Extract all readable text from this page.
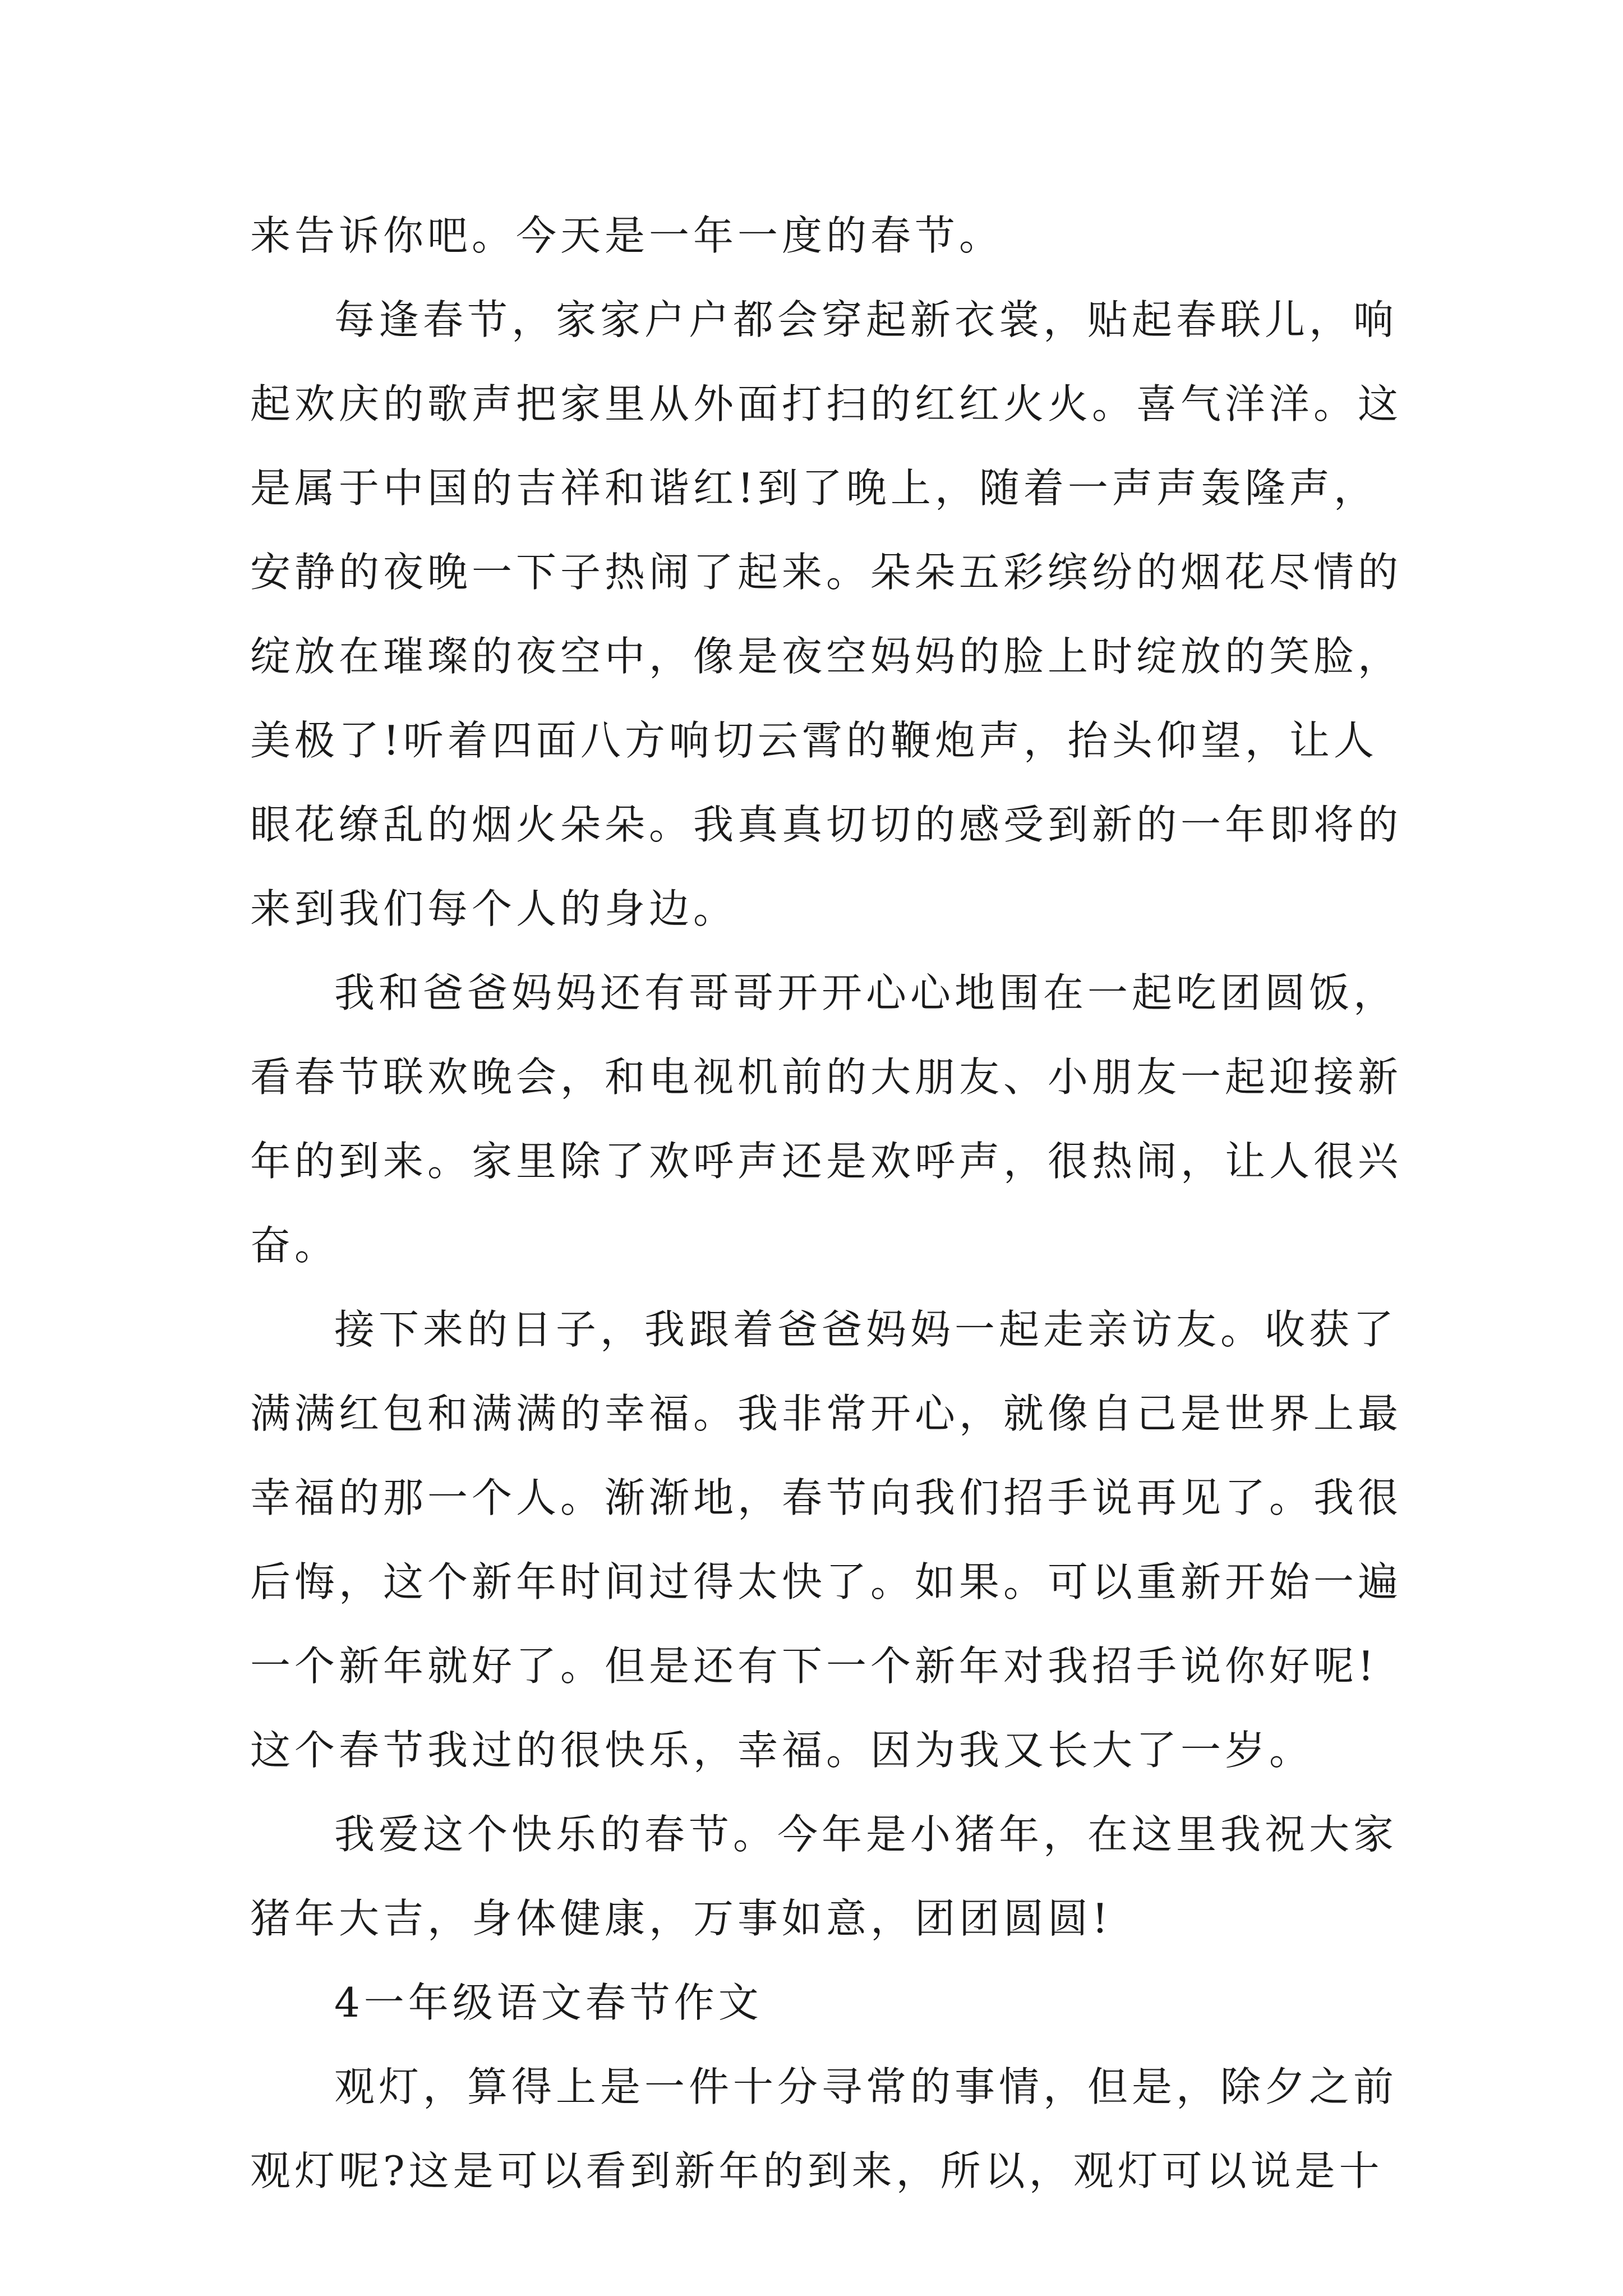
来告诉你吧。今天是一年一度的春节。
每逢春节，家家户户都会穿起新衣裳，贴起春联儿，响
起欢庆的歌声把家里从外面打扫的红红火火。喜气洋洋。这
是属于中国的吉祥和谐红!到了晚上，随着一声声轰隆声，
安静的夜晚一下子热闹了起来。朵朵五彩缤纷的烟花尽情的
绽放在璀璨的夜空中，像是夜空妈妈的脸上时绽放的笑脸，
美极了!听着四面八方响切云霄的鞭炮声，抬头仰望，让人
眼花缭乱的烟火朵朵。我真真切切的感受到新的一年即将的
来到我们每个人的身边。
我和爸爸妈妈还有哥哥开开心心地围在一起吃团圆饭，
看春节联欢晚会，和电视机前的大朋友、小朋友一起迎接新
年的到来。家里除了欢呼声还是欢呼声，很热闹，让人很兴
奋。
接下来的日子，我跟着爸爸妈妈一起走亲访友。收获了
满满红包和满满的幸福。我非常开心，就像自己是世界上最
幸福的那一个人。渐渐地，春节向我们招手说再见了。我很
后悔，这个新年时间过得太快了。如果。可以重新开始一遍
一个新年就好了。但是还有下一个新年对我招手说你好呢!
这个春节我过的很快乐，幸福。因为我又长大了一岁。
我爱这个快乐的春节。今年是小猪年，在这里我祝大家
猪年大吉，身体健康，万事如意，团团圆圆!
4一年级语文春节作文
观灯，算得上是一件十分寻常的事情，但是，除夕之前
观灯呢?这是可以看到新年的到来，所以，观灯可以说是十
